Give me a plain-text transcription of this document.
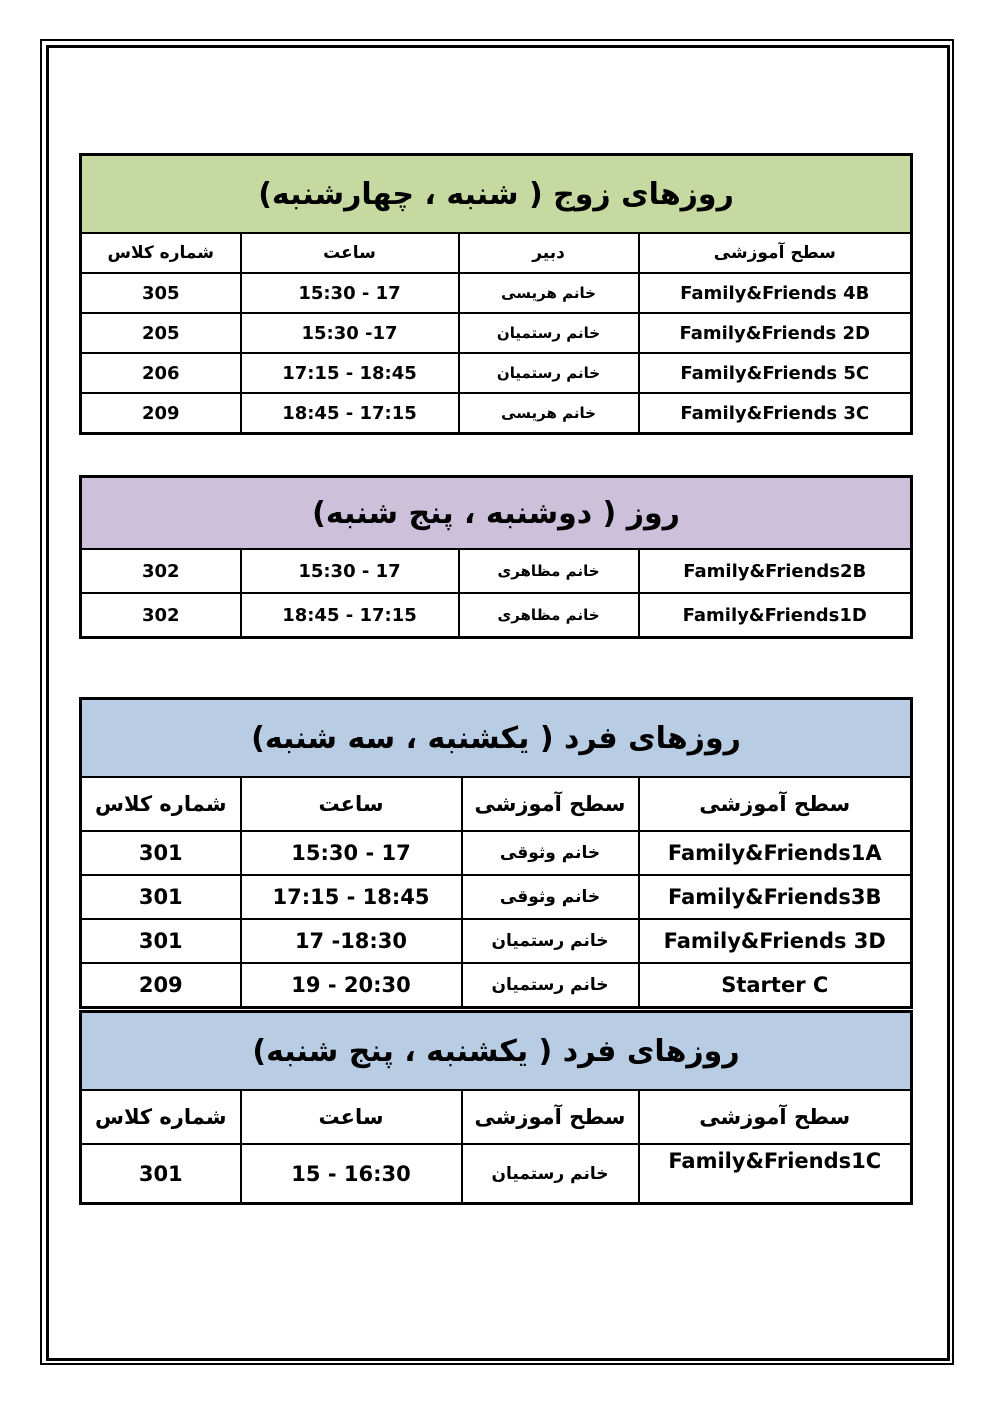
روزهای زوج ( شنبه ، چهارشنبه)			
شماره کلاس	ساعت	دبیر	سطح آموزشی
305	15:30 - 17	خانم هریسی	Family&Friends 4B
205	15:30 -17	خانم رستمیان	Family&Friends 2D
206	17:15 - 18:45	خانم رستمیان	Family&Friends 5C
209	18:45 - 17:15	خانم هریسی	Family&Friends 3C
روز ( دوشنبه ، پنج شنبه)			
302	15:30 - 17	خانم مظاهری	Family&Friends2B
302	18:45 - 17:15	خانم مظاهری	Family&Friends1D
روزهای فرد ( یکشنبه ، سه شنبه)			
شماره کلاس	ساعت	سطح آموزشی	سطح آموزشی
301	15:30 - 17	خانم وثوقی	Family&Friends1A
301	17:15 - 18:45	خانم وثوقی	Family&Friends3B
301	17 -18:30	خانم رستمیان	Family&Friends 3D
209	19 - 20:30	خانم رستمیان	Starter C
روزهای فرد ( یکشنبه ، پنج شنبه)			
شماره کلاس	ساعت	سطح آموزشی	سطح آموزشی
301	15 - 16:30	خانم رستمیان	Family&Friends1C
